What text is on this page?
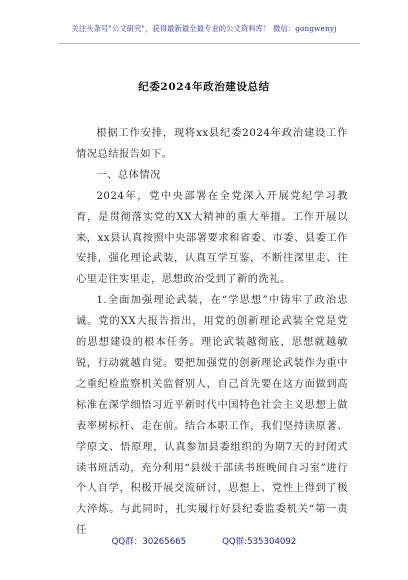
关注头条号"公文研究"，获得最新最全最专业的公文资料库！ 微信：gongwenyj
纪委2024年政治建设总结

根据工作安排，现将xx县纪委2024年政治建设工作情况总结报告如下。

一、总体情况

2024年，党中央部署在全党深入开展党纪学习教育，是贯彻落实党的XX大精神的重大举措。工作开展以来，xx县认真按照中央部署要求和省委、市委、县委工作安排，强化理论武装，认真互学互鉴，不断往深里走、往心里走往实里走，思想政治受到了新的洗礼。

1.全面加强理论武装，在“学思想”中铸牢了政治忠诚。党的XX大报告指出，用党的创新理论武装全党是党的思想建设的根本任务。理论武装越彻底，思想就越敏锐，行动就越自觉。要把加强党的创新理论武装作为重中之重纪检监察机关监督别人，自己首先要在这方面做到高标准在深学细悟习近平新时代中国特色社会主义思想上做表率树标杆、走在前。结合本职工作，我们坚持读原著、学原文、悟原理，认真参加县委组织的为期7天的封闭式读书班活动，充分利用“县级干部读书班晚间自习室”进行个人自学，积极开展交流研讨，思想上、党性上得到了极大淬炼。与此同时，扎实履行好县纪委监委机关“第一责任

QQ群：30265665	QQ群:535304092
